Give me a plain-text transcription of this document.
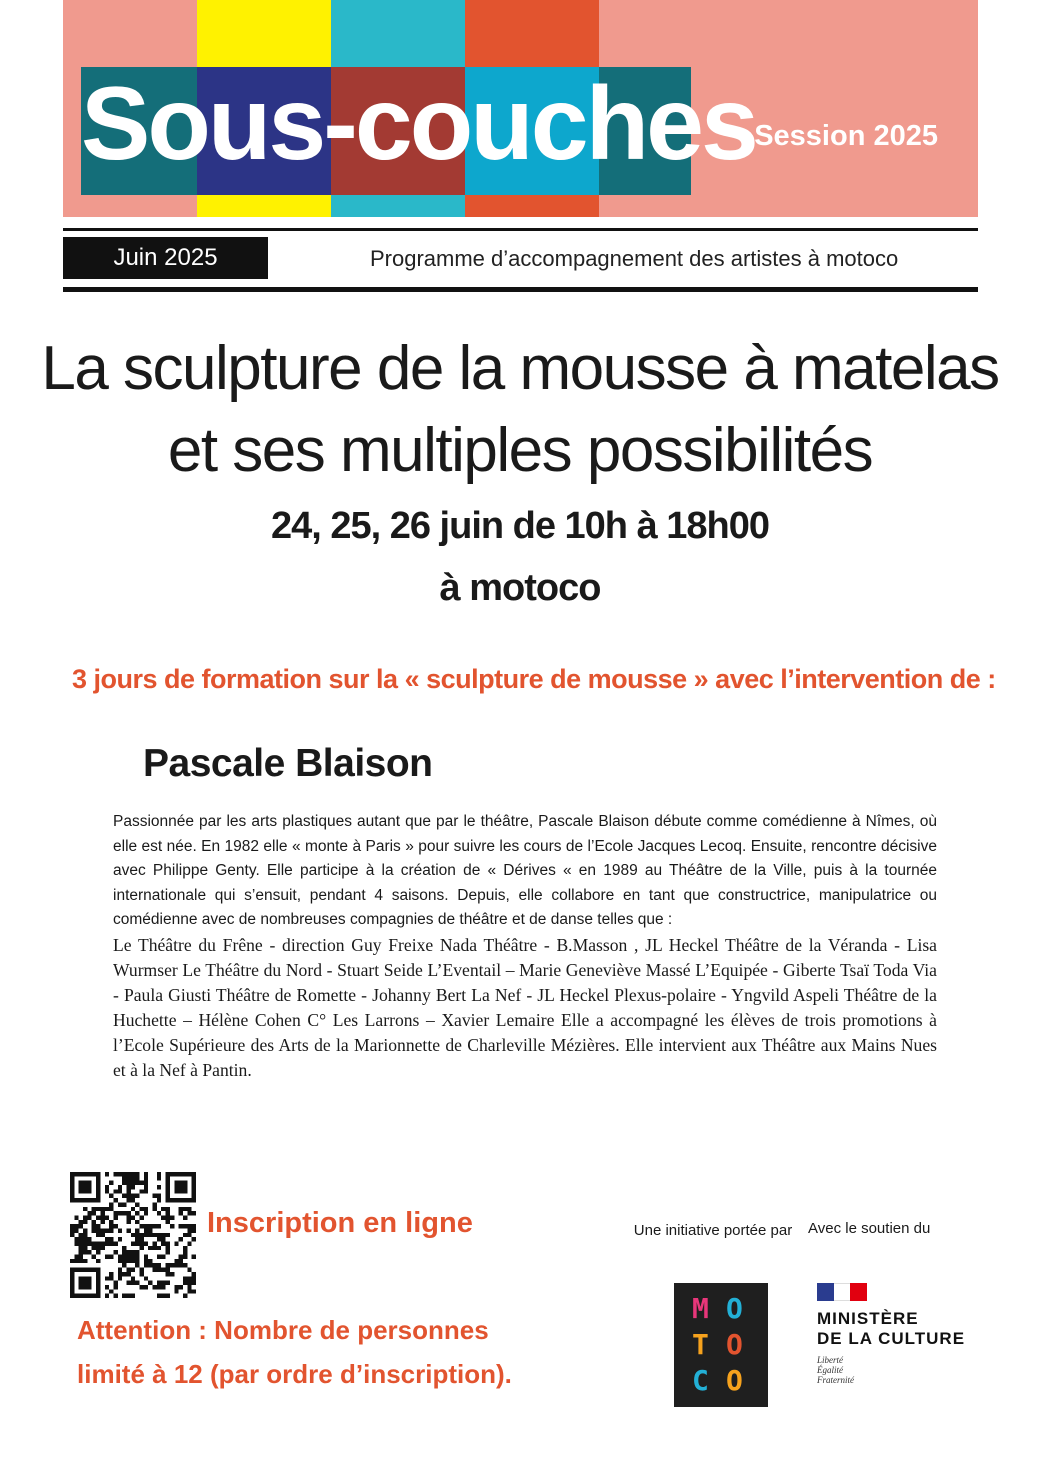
Sous-couches
Session 2025
Juin 2025	Programme d’accompagnement des artistes à motoco
La sculpture de la mousse à matelas
et ses multiples possibilités
24, 25, 26 juin de 10h à 18h00
à motoco
3 jours de formation sur la « sculpture de mousse » avec l’intervention de :
Pascale Blaison

Passionnée par les arts plastiques autant que par le théâtre, Pascale Blaison débute comme comédienne à Nîmes, où elle est née. En 1982 elle « monte à Paris » pour suivre les cours de l’Ecole Jacques Lecoq. Ensuite, rencontre décisive avec Philippe Genty. Elle participe à la création de « Dérives « en 1989 au Théâtre de la Ville, puis à la tournée internationale qui s’ensuit, pendant 4 saisons. Depuis, elle collabore en tant que constructrice, manipulatrice ou comédienne avec de nombreuses compagnies de théâtre et de danse telles que :

Le Théâtre du Frêne - direction Guy Freixe Nada Théâtre - B.Masson , JL Heckel Théâtre de la Véranda - Lisa Wurmser Le Théâtre du Nord - Stuart Seide L’Eventail – Marie Geneviève Massé L’Equipée - Giberte Tsaï Toda Via - Paula Giusti Théâtre de Romette - Johanny Bert La Nef - JL Heckel Plexus-polaire - Yngvild Aspeli Théâtre de la Huchette – Hélène Cohen C° Les Larrons – Xavier Lemaire Elle a accompagné les élèves de trois promotions à l’Ecole Supérieure des Arts de la Marionnette de Charleville Mézières. Elle intervient aux Théâtre aux Mains Nues et à la Nef à Pantin.

Inscription en ligne
Attention : Nombre de personnes
limité à 12 (par ordre d’inscription).
Une initiative portée par Avec le soutien du
M O
T O
C O
MINISTÈRE
DE LA CULTURE
Liberté
Égalité
Fraternité
